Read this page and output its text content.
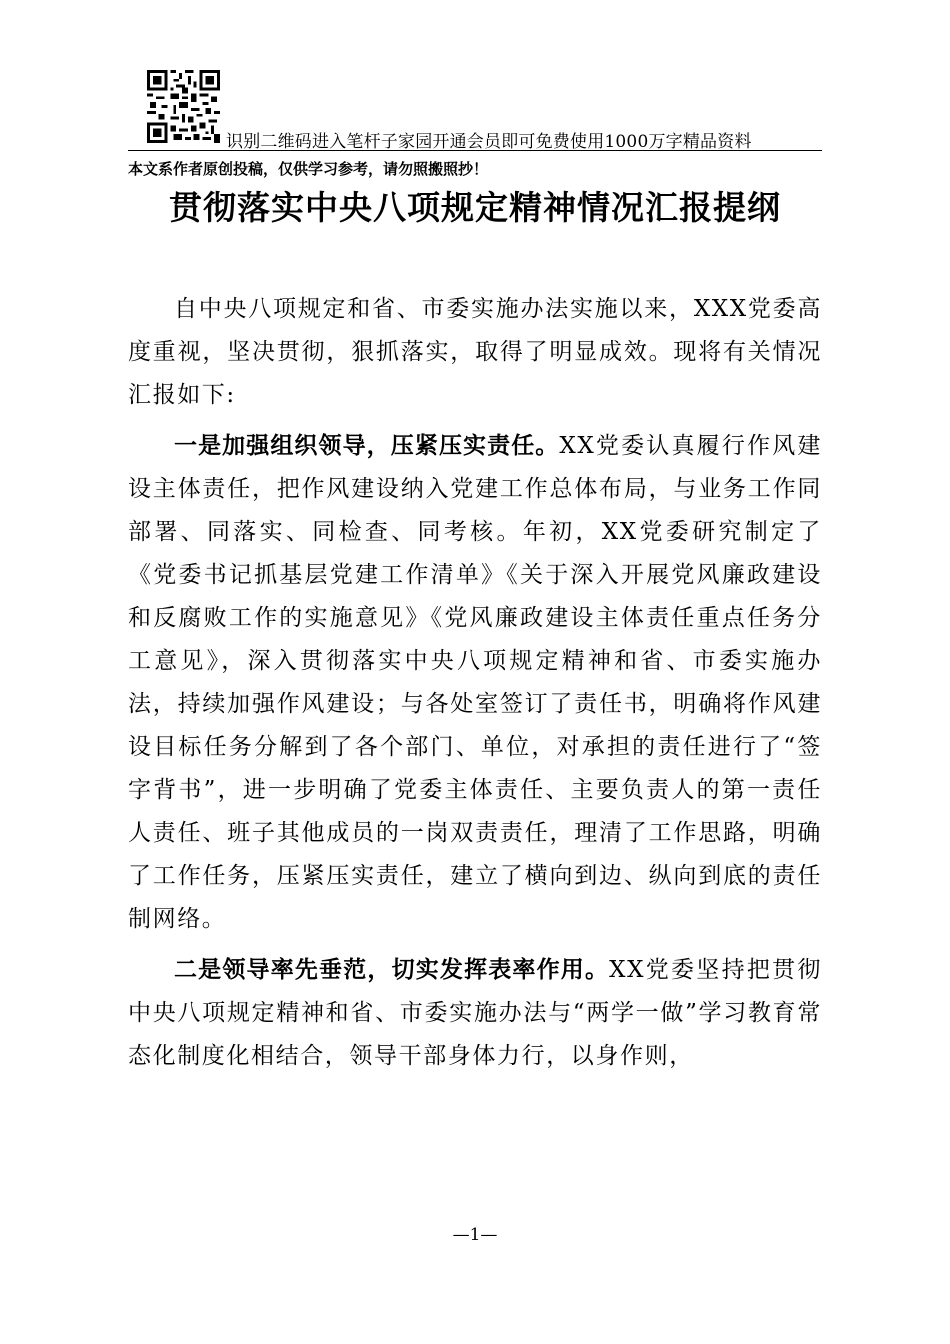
识别二维码进入笔杆子家园开通会员即可免费使用1000万字精品资料
本文系作者原创投稿，仅供学习参考，请勿照搬照抄！
贯彻落实中央八项规定精神情况汇报提纲

自中央八项规定和省、市委实施办法实施以来，XXX党委高度重视，坚决贯彻，狠抓落实，取得了明显成效。现将有关情况汇报如下:

一是加强组织领导，压紧压实责任。XX党委认真履行作风建设主体责任，把作风建设纳入党建工作总体布局，与业务工作同部署、同落实、同检查、同考核。年初，XX党委研究制定了《党委书记抓基层党建工作清单》《关于深入开展党风廉政建设和反腐败工作的实施意见》《党风廉政建设主体责任重点任务分工意见》，深入贯彻落实中央八项规定精神和省、市委实施办法，持续加强作风建设；与各处室签订了责任书，明确将作风建设目标任务分解到了各个部门、单位，对承担的责任进行了“签字背书”，进一步明确了党委主体责任、主要负责人的第一责任人责任、班子其他成员的一岗双责责任，理清了工作思路，明确了工作任务，压紧压实责任，建立了横向到边、纵向到底的责任制网络。

二是领导率先垂范，切实发挥表率作用。XX党委坚持把贯彻中央八项规定精神和省、市委实施办法与“两学一做”学习教育常态化制度化相结合，领导干部身体力行，以身作则，

—1—
